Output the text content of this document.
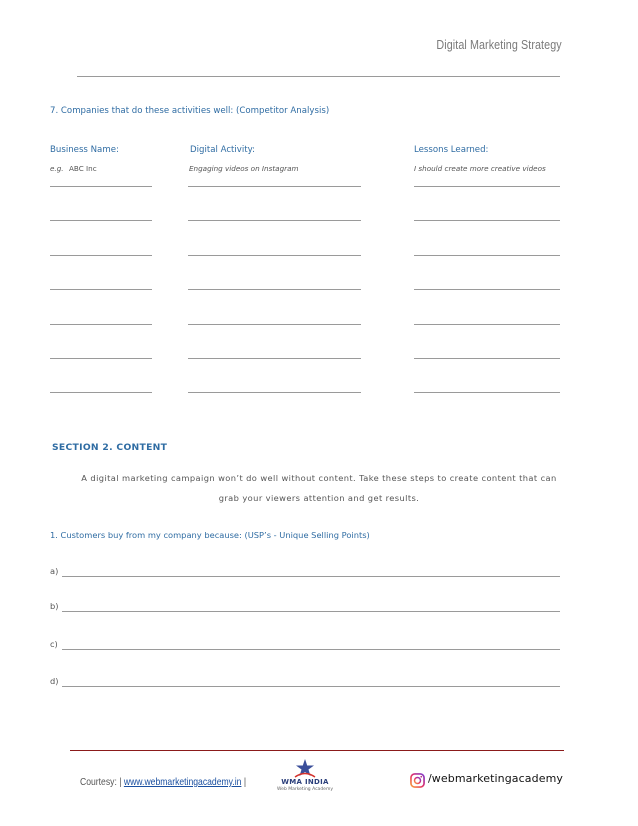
Digital Marketing Strategy
7. Companies that do these activities well: (Competitor Analysis)
Business Name:	Digital Activity:	Lessons Learned:
e.g. ABC Inc	Engaging videos on Instagram	I should create more creative videos
SECTION 2. CONTENT
A digital marketing campaign won’t do well without content. Take these steps to create content that can
grab your viewers attention and get results.
1. Customers buy from my company because: (USP’s - Unique Selling Points)
a)
b)
c)
d)
Courtesy: | www.webmarketingacademy.in |	WMA INDIA
Web Marketing Academy
/webmarketingacademy
